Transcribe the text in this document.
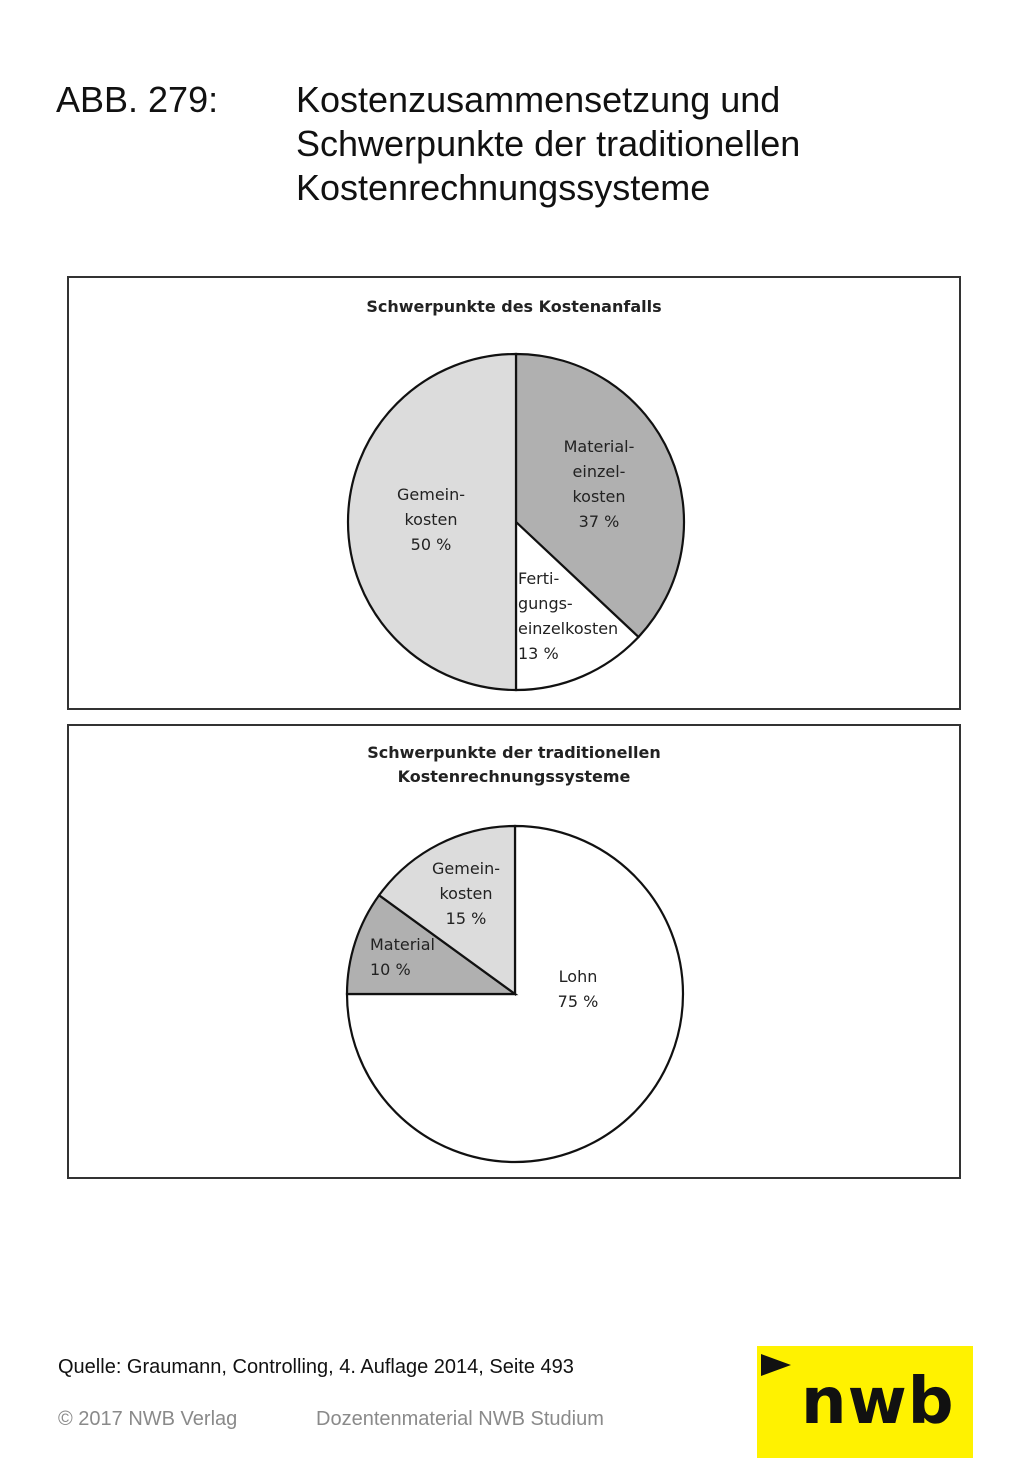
ABB. 279: Kostenzusammensetzung und
Schwerpunkte der traditionellen
Kostenrechnungssysteme
Schwerpunkte des Kostenanfalls
Material-
einzel-
kosten
37 %
Ferti-
gungs-
einzelkosten
13 %
Gemein-
kosten
50 %
Schwerpunkte der traditionellen
Kostenrechnungssysteme
Lohn
75 %
Material
10 %
Gemein-
kosten
15 %
Quelle: Graumann, Controlling, 4. Auflage 2014, Seite 493
© 2017 NWB Verlag	Dozentenmaterial NWB Studium	nwb
